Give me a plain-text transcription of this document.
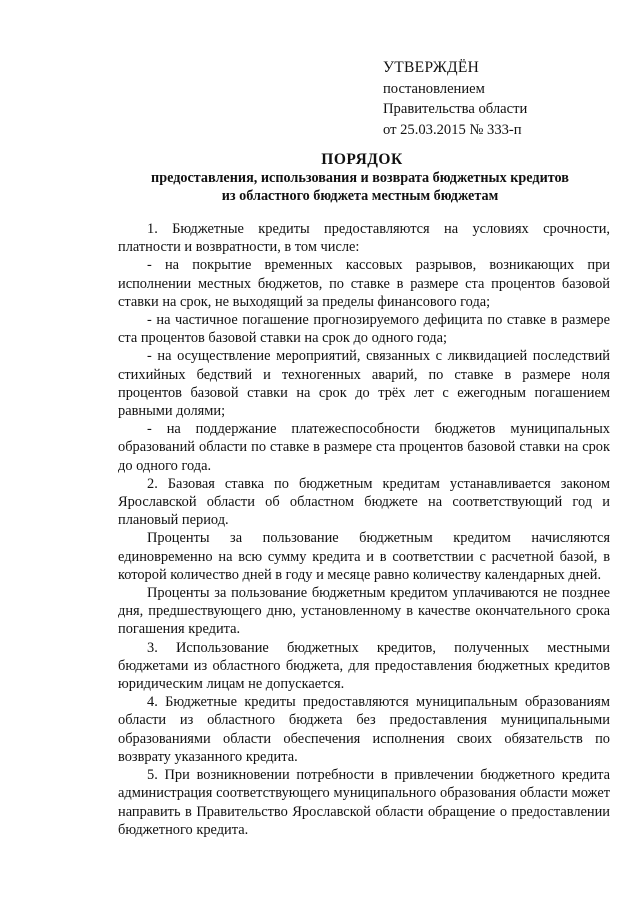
УТВЕРЖДЁН
постановлением
Правительства области
от 25.03.2015 № 333-п
ПОРЯДОК
предоставления, использования и возврата бюджетных кредитов
из областного бюджета местным бюджетам

1. Бюджетные кредиты предоставляются на условиях срочности, платности и возвратности, в том числе:

- на покрытие временных кассовых разрывов, возникающих при исполнении местных бюджетов, по ставке в размере ста процентов базовой ставки на срок, не выходящий за пределы финансового года;

- на частичное погашение прогнозируемого дефицита по ставке в размере ста процентов базовой ставки на срок до одного года;

- на осуществление мероприятий, связанных с ликвидацией последствий стихийных бедствий и техногенных аварий, по ставке в размере ноля процентов базовой ставки на срок до трёх лет с ежегодным погашением равными долями;

- на поддержание платежеспособности бюджетов муниципальных образований области по ставке в размере ста процентов базовой ставки на срок до одного года.

2. Базовая ставка по бюджетным кредитам устанавливается законом Ярославской области об областном бюджете на соответствующий год и плановый период.

Проценты за пользование бюджетным кредитом начисляются единовременно на всю сумму кредита и в соответствии с расчетной базой, в которой количество дней в году и месяце равно количеству календарных дней.

Проценты за пользование бюджетным кредитом уплачиваются не позднее дня, предшествующего дню, установленному в качестве окончательного срока погашения кредита.

3. Использование бюджетных кредитов, полученных местными бюджетами из областного бюджета, для предоставления бюджетных кредитов юридическим лицам не допускается.

4. Бюджетные кредиты предоставляются муниципальным образованиям области из областного бюджета без предоставления муниципальными образованиями области обеспечения исполнения своих обязательств по возврату указанного кредита.

5. При возникновении потребности в привлечении бюджетного кредита администрация соответствующего муниципального образования области может направить в Правительство Ярославской области обращение о предоставлении бюджетного кредита.
